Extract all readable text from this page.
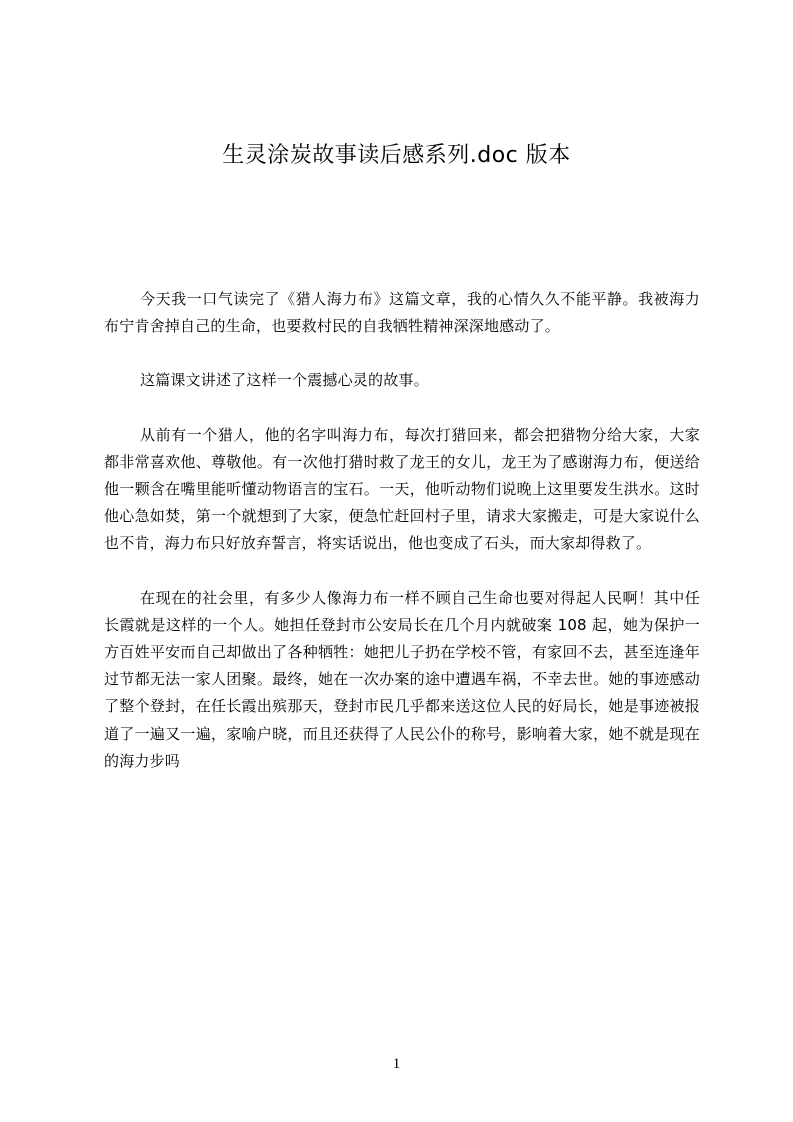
生灵涂炭故事读后感系列.doc 版本

今天我一口气读完了《猎人海力布》这篇文章，我的心情久久不能平静。我被海力布宁肯舍掉自己的生命，也要救村民的自我牺牲精神深深地感动了。

这篇课文讲述了这样一个震撼心灵的故事。

从前有一个猎人，他的名字叫海力布，每次打猎回来，都会把猎物分给大家，大家都非常喜欢他、尊敬他。有一次他打猎时救了龙王的女儿，龙王为了感谢海力布，便送给他一颗含在嘴里能听懂动物语言的宝石。一天，他听动物们说晚上这里要发生洪水。这时他心急如焚，第一个就想到了大家，便急忙赶回村子里，请求大家搬走，可是大家说什么也不肯，海力布只好放弃誓言，将实话说出，他也变成了石头，而大家却得救了。

在现在的社会里，有多少人像海力布一样不顾自己生命也要对得起人民啊！其中任长霞就是这样的一个人。她担任登封市公安局长在几个月内就破案 108 起，她为保护一方百姓平安而自己却做出了各种牺牲：她把儿子扔在学校不管，有家回不去，甚至连逢年过节都无法一家人团聚。最终，她在一次办案的途中遭遇车祸，不幸去世。她的事迹感动了整个登封，在任长霞出殡那天，登封市民几乎都来送这位人民的好局长，她是事迹被报道了一遍又一遍，家喻户晓，而且还获得了人民公仆的称号，影响着大家，她不就是现在的海力步吗

1
